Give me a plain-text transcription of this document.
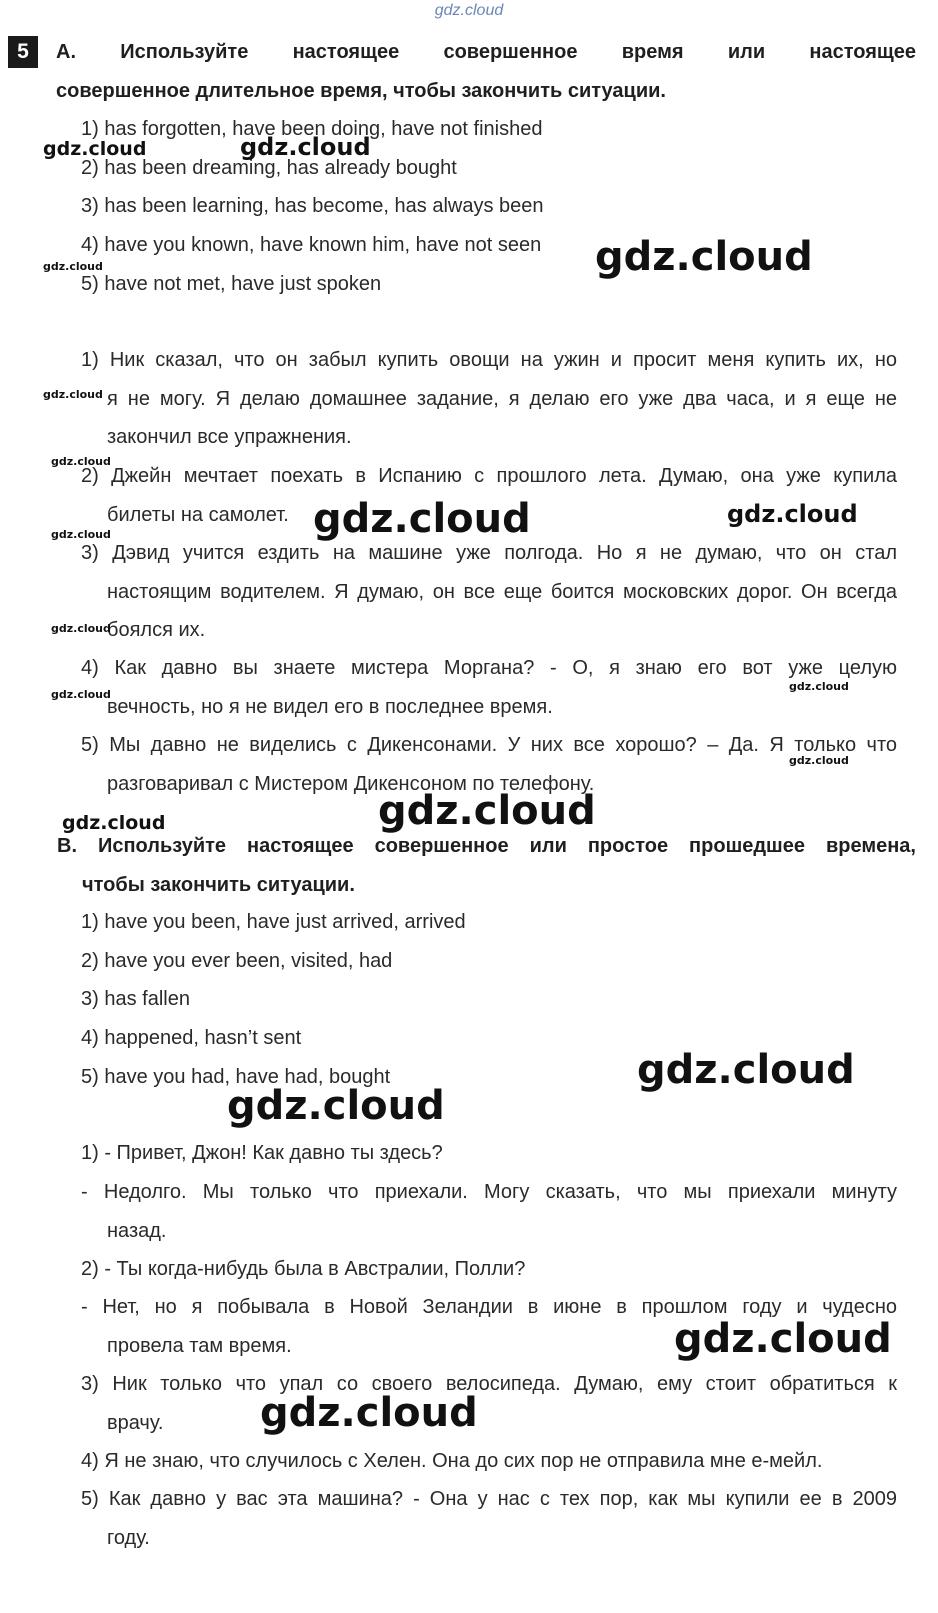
gdz.cloud
5	A. Используйте настоящее совершенное время или настоящее
совершенное длительное время, чтобы закончить ситуации.
1) has forgotten, have been doing, have not finished
2) has been dreaming, has already bought
3) has been learning, has become, has always been
4) have you known, have known him, have not seen
5) have not met, have just spoken
1) Ник сказал, что он забыл купить овощи на ужин и просит меня купить их, но
я не могу. Я делаю домашнее задание, я делаю его уже два часа, и я еще не закончил все упражнения.
2) Джейн мечтает поехать в Испанию с прошлого лета. Думаю, она уже купила
билеты на самолет.
3) Дэвид учится ездить на машине уже полгода. Но я не думаю, что он стал
настоящим водителем. Я думаю, он все еще боится московских дорог. Он всегда боялся их.
4) Как давно вы знаете мистера Моргана? - О, я знаю его вот уже целую
вечность, но я не видел его в последнее время.
5) Мы давно не виделись с Дикенсонами. У них все хорошо? – Да. Я только что
разговаривал с Мистером Дикенсоном по телефону.
B. Используйте настоящее совершенное или простое прошедшее времена,
чтобы закончить ситуации.
1) have you been, have just arrived, arrived
2) have you ever been, visited, had
3) has fallen
4) happened, hasn’t sent
5) have you had, have had, bought
1) - Привет, Джон! Как давно ты здесь?
- Недолго. Мы только что приехали. Могу сказать, что мы приехали минуту
назад.
2) - Ты когда-нибудь была в Австралии, Полли?
- Нет, но я побывала в Новой Зеландии в июне в прошлом году и чудесно
провела там время.
3) Ник только что упал со своего велосипеда. Думаю, ему стоит обратиться к
врачу.
4) Я не знаю, что случилось с Хелен. Она до сих пор не отправила мне е-мейл.
5) Как давно у вас эта машина? - Она у нас с тех пор, как мы купили ее в 2009
году.
gdz.cloud	gdz.cloud
gdz.cloud
gdz.cloud
gdz.cloud
gdz.cloud
gdz.cloud	gdz.cloud
gdz.cloud
gdz.cloud
gdz.cloud
gdz.cloud
gdz.cloud
gdz.cloud
gdz.cloud
gdz.cloud
gdz.cloud
gdz.cloud
gdz.cloud
